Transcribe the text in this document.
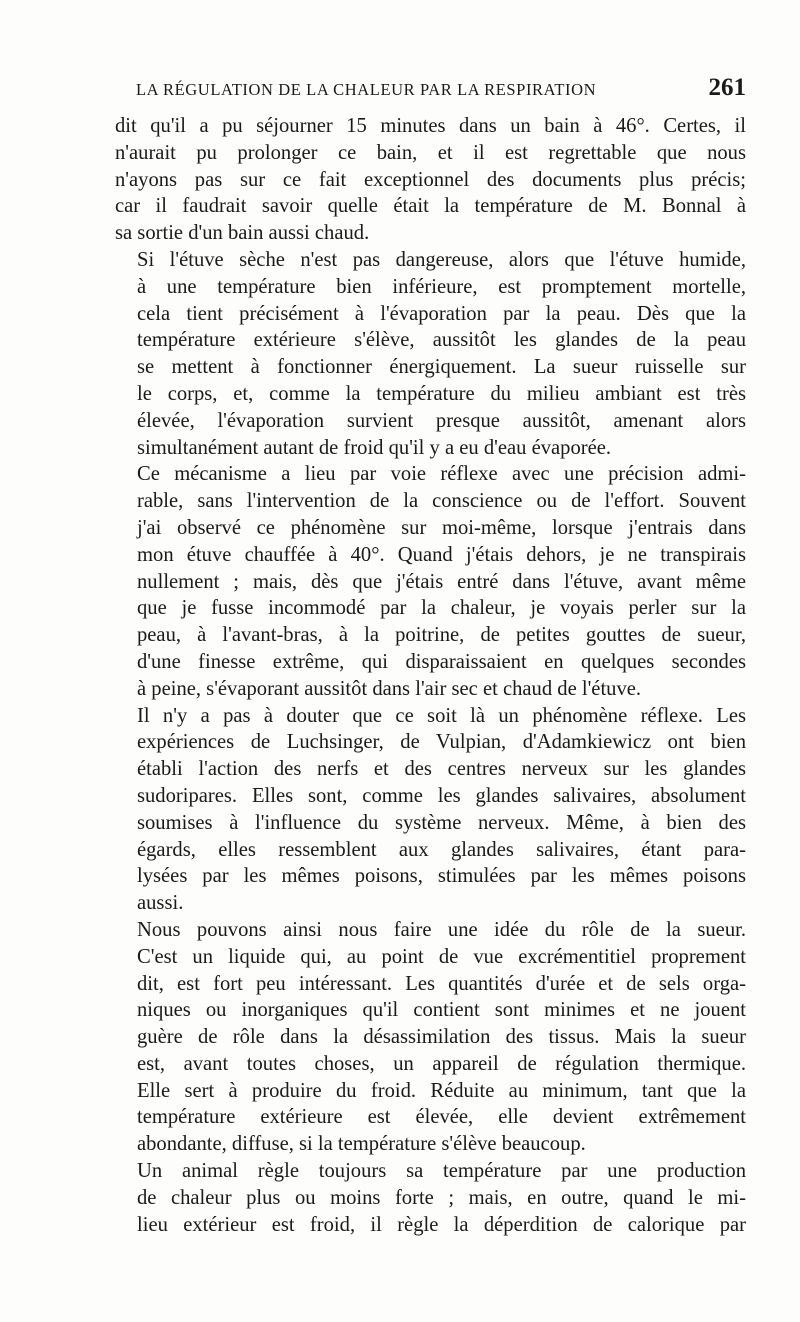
LA RÉGULATION DE LA CHALEUR PAR LA RESPIRATION	261

dit qu'il a pu séjourner 15 minutes dans un bain à 46°. Certes, il
n'aurait pu prolonger ce bain, et il est regrettable que nous
n'ayons pas sur ce fait exceptionnel des documents plus précis;
car il faudrait savoir quelle était la température de M. Bonnal à
sa sortie d'un bain aussi chaud.

Si l'étuve sèche n'est pas dangereuse, alors que l'étuve humide,
à une température bien inférieure, est promptement mortelle,
cela tient précisément à l'évaporation par la peau. Dès que la
température extérieure s'élève, aussitôt les glandes de la peau
se mettent à fonctionner énergiquement. La sueur ruisselle sur
le corps, et, comme la température du milieu ambiant est très
élevée, l'évaporation survient presque aussitôt, amenant alors
simultanément autant de froid qu'il y a eu d'eau évaporée.

Ce mécanisme a lieu par voie réflexe avec une précision admi-
rable, sans l'intervention de la conscience ou de l'effort. Souvent
j'ai observé ce phénomène sur moi-même, lorsque j'entrais dans
mon étuve chauffée à 40°. Quand j'étais dehors, je ne transpirais
nullement ; mais, dès que j'étais entré dans l'étuve, avant même
que je fusse incommodé par la chaleur, je voyais perler sur la
peau, à l'avant-bras, à la poitrine, de petites gouttes de sueur,
d'une finesse extrême, qui disparaissaient en quelques secondes
à peine, s'évaporant aussitôt dans l'air sec et chaud de l'étuve.

Il n'y a pas à douter que ce soit là un phénomène réflexe. Les
expériences de Luchsinger, de Vulpian, d'Adamkiewicz ont bien
établi l'action des nerfs et des centres nerveux sur les glandes
sudoripares. Elles sont, comme les glandes salivaires, absolument
soumises à l'influence du système nerveux. Même, à bien des
égards, elles ressemblent aux glandes salivaires, étant para-
lysées par les mêmes poisons, stimulées par les mêmes poisons
aussi.

Nous pouvons ainsi nous faire une idée du rôle de la sueur.
C'est un liquide qui, au point de vue excrémentitiel proprement
dit, est fort peu intéressant. Les quantités d'urée et de sels orga-
niques ou inorganiques qu'il contient sont minimes et ne jouent
guère de rôle dans la désassimilation des tissus. Mais la sueur
est, avant toutes choses, un appareil de régulation thermique.
Elle sert à produire du froid. Réduite au minimum, tant que la
température extérieure est élevée, elle devient extrêmement
abondante, diffuse, si la température s'élève beaucoup.

Un animal règle toujours sa température par une production
de chaleur plus ou moins forte ; mais, en outre, quand le mi-
lieu extérieur est froid, il règle la déperdition de calorique par
